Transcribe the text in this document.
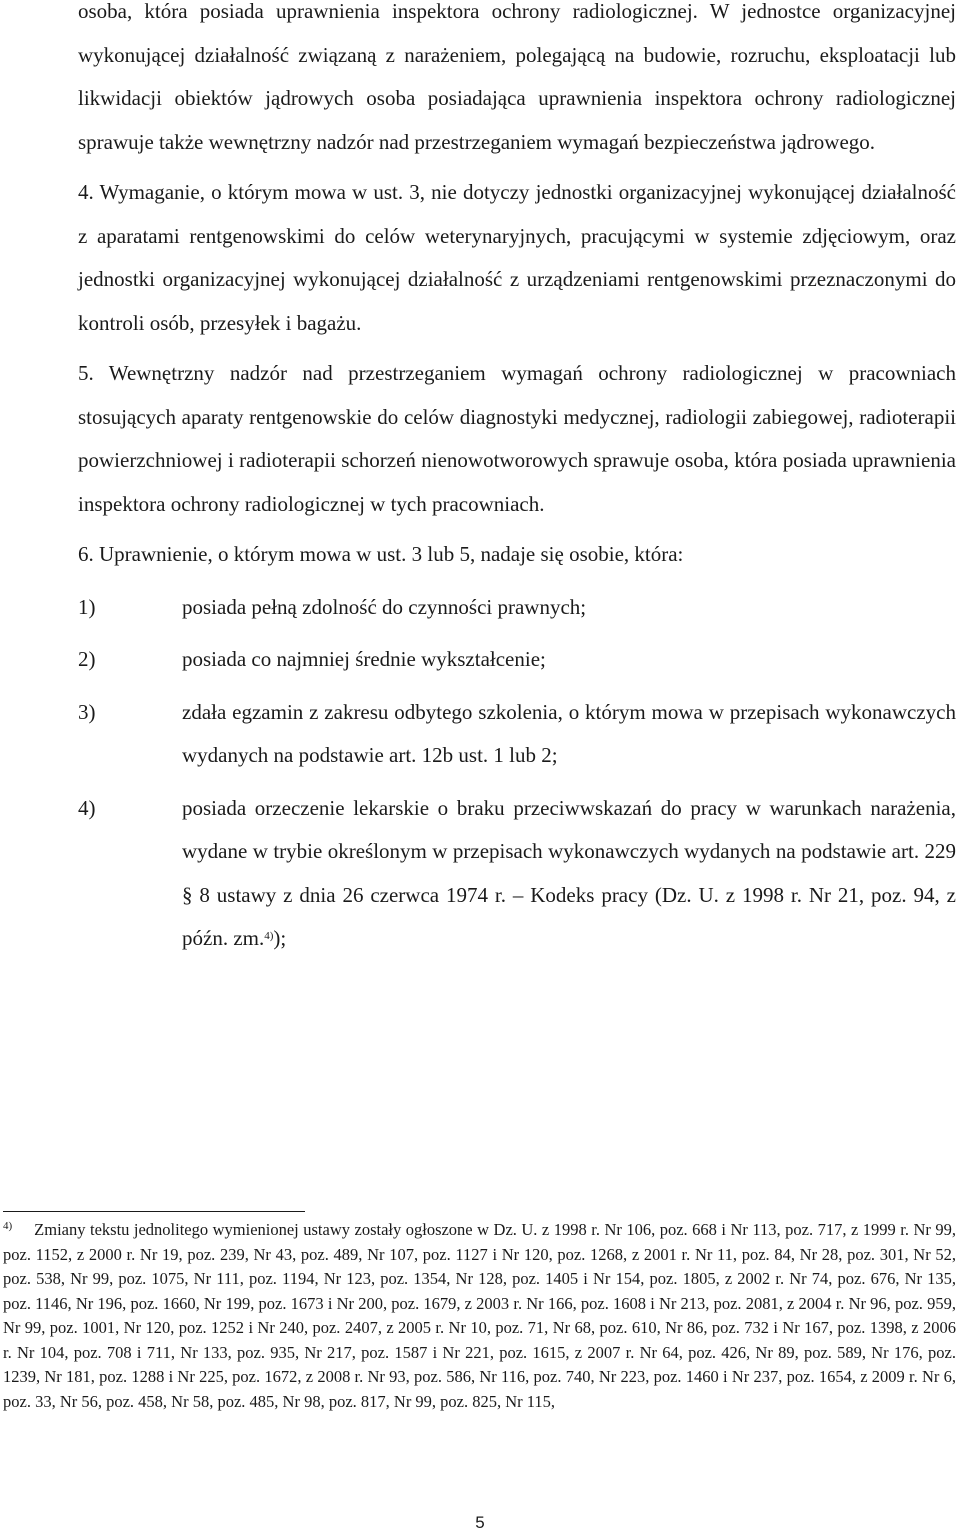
osoba, która posiada uprawnienia inspektora ochrony radiologicznej. W jednostce organizacyjnej wykonującej działalność związaną z narażeniem, polegającą na budowie, rozruchu, eksploatacji lub likwidacji obiektów jądrowych osoba posiadająca uprawnienia inspektora ochrony radiologicznej sprawuje także wewnętrzny nadzór nad przestrzeganiem wymagań bezpieczeństwa jądrowego.

4. Wymaganie, o którym mowa w ust. 3, nie dotyczy jednostki organizacyjnej wykonującej działalność z aparatami rentgenowskimi do celów weterynaryjnych, pracującymi w systemie zdjęciowym, oraz jednostki organizacyjnej wykonującej działalność z urządzeniami rentgenowskimi przeznaczonymi do kontroli osób, przesyłek i bagażu.

5. Wewnętrzny nadzór nad przestrzeganiem wymagań ochrony radiologicznej w pracowniach stosujących aparaty rentgenowskie do celów diagnostyki medycznej, radiologii zabiegowej, radioterapii powierzchniowej i radioterapii schorzeń nienowotworowych sprawuje osoba, która posiada uprawnienia inspektora ochrony radiologicznej w tych pracowniach.

6. Uprawnienie, o którym mowa w ust. 3 lub 5, nadaje się osobie, która:

1)	posiada pełną zdolność do czynności prawnych;
2)	posiada co najmniej średnie wykształcenie;
3)	zdała egzamin z zakresu odbytego szkolenia, o którym mowa w przepisach wykonawczych wydanych na podstawie art. 12b ust. 1 lub 2;
4)	posiada orzeczenie lekarskie o braku przeciwwskazań do pracy w warunkach narażenia, wydane w trybie określonym w przepisach wykonawczych wydanych na podstawie art. 229 § 8 ustawy z dnia 26 czerwca 1974 r. – Kodeks pracy (Dz. U. z 1998 r. Nr 21, poz. 94, z późn. zm.$^{4)}$);
$^{4)}$ Zmiany tekstu jednolitego wymienionej ustawy zostały ogłoszone w Dz. U. z 1998 r. Nr 106, poz. 668 i Nr 113, poz. 717, z 1999 r. Nr 99, poz. 1152, z 2000 r. Nr 19, poz. 239, Nr 43, poz. 489, Nr 107, poz. 1127 i Nr 120, poz. 1268, z 2001 r. Nr 11, poz. 84, Nr 28, poz. 301, Nr 52, poz. 538, Nr 99, poz. 1075, Nr 111, poz. 1194, Nr 123, poz. 1354, Nr 128, poz. 1405 i Nr 154, poz. 1805, z 2002 r. Nr 74, poz. 676, Nr 135, poz. 1146, Nr 196, poz. 1660, Nr 199, poz. 1673 i Nr 200, poz. 1679, z 2003 r. Nr 166, poz. 1608 i Nr 213, poz. 2081, z 2004 r. Nr 96, poz. 959, Nr 99, poz. 1001, Nr 120, poz. 1252 i Nr 240, poz. 2407, z 2005 r. Nr 10, poz. 71, Nr 68, poz. 610, Nr 86, poz. 732 i Nr 167, poz. 1398, z 2006 r. Nr 104, poz. 708 i 711, Nr 133, poz. 935, Nr 217, poz. 1587 i Nr 221, poz. 1615, z 2007 r. Nr 64, poz. 426, Nr 89, poz. 589, Nr 176, poz. 1239, Nr 181, poz. 1288 i Nr 225, poz. 1672, z 2008 r. Nr 93, poz. 586, Nr 116, poz. 740, Nr 223, poz. 1460 i Nr 237, poz. 1654, z 2009 r. Nr 6, poz. 33, Nr 56, poz. 458, Nr 58, poz. 485, Nr 98, poz. 817, Nr 99, poz. 825, Nr 115,
5
